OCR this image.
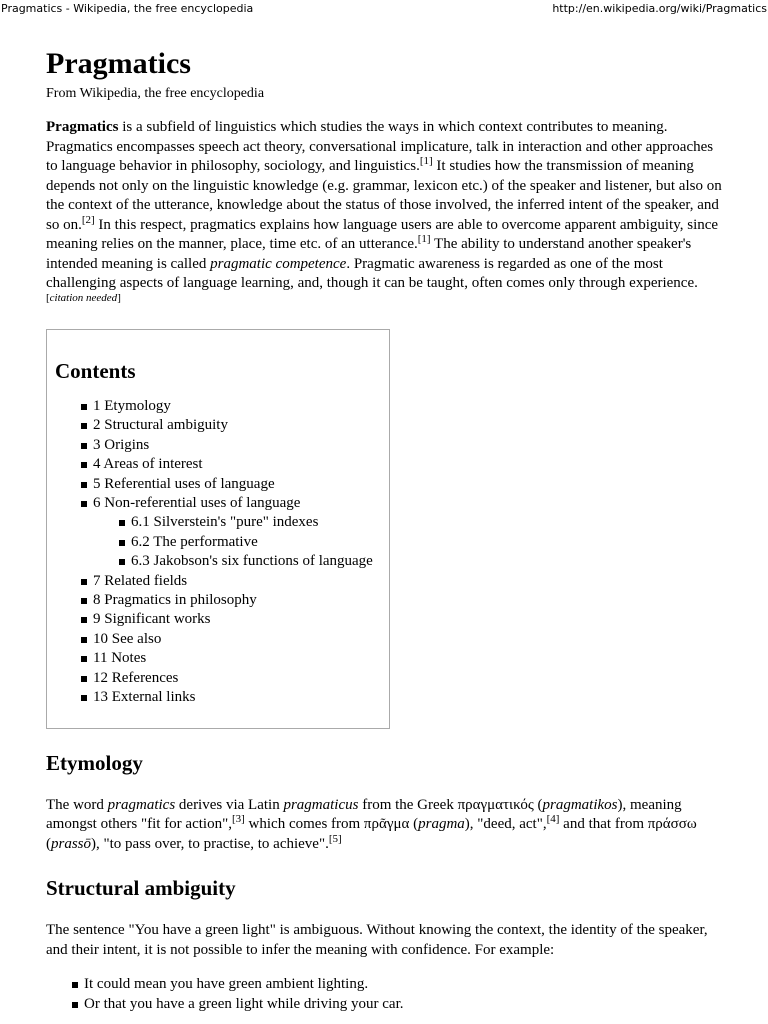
Pragmatics - Wikipedia, the free encyclopedia	http://en.wikipedia.org/wiki/Pragmatics
Pragmatics
From Wikipedia, the free encyclopedia

Pragmatics is a subfield of linguistics which studies the ways in which context contributes to meaning. Pragmatics encompasses speech act theory, conversational implicature, talk in interaction and other approaches to language behavior in philosophy, sociology, and linguistics.[1] It studies how the transmission of meaning depends not only on the linguistic knowledge (e.g. grammar, lexicon etc.) of the speaker and listener, but also on the context of the utterance, knowledge about the status of those involved, the inferred intent of the speaker, and so on.[2] In this respect, pragmatics explains how language users are able to overcome apparent ambiguity, since meaning relies on the manner, place, time etc. of an utterance.[1] The ability to understand another speaker's intended meaning is called pragmatic competence. Pragmatic awareness is regarded as one of the most challenging aspects of language learning, and, though it can be taught, often comes only through experience.[citation needed]

Contents
1 Etymology
2 Structural ambiguity
3 Origins
4 Areas of interest
5 Referential uses of language
6 Non-referential uses of language
6.1 Silverstein's "pure" indexes
6.2 The performative
6.3 Jakobson's six functions of language
7 Related fields
8 Pragmatics in philosophy
9 Significant works
10 See also
11 Notes
12 References
13 External links
Etymology

The word pragmatics derives via Latin pragmaticus from the Greek πραγματικός (pragmatikos), meaning amongst others "fit for action",[3] which comes from πρᾶγμα (pragma), "deed, act",[4] and that from πράσσω (prassō), "to pass over, to practise, to achieve".[5]

Structural ambiguity

The sentence "You have a green light" is ambiguous. Without knowing the context, the identity of the speaker, and their intent, it is not possible to infer the meaning with confidence. For example:

It could mean you have green ambient lighting.
Or that you have a green light while driving your car.
